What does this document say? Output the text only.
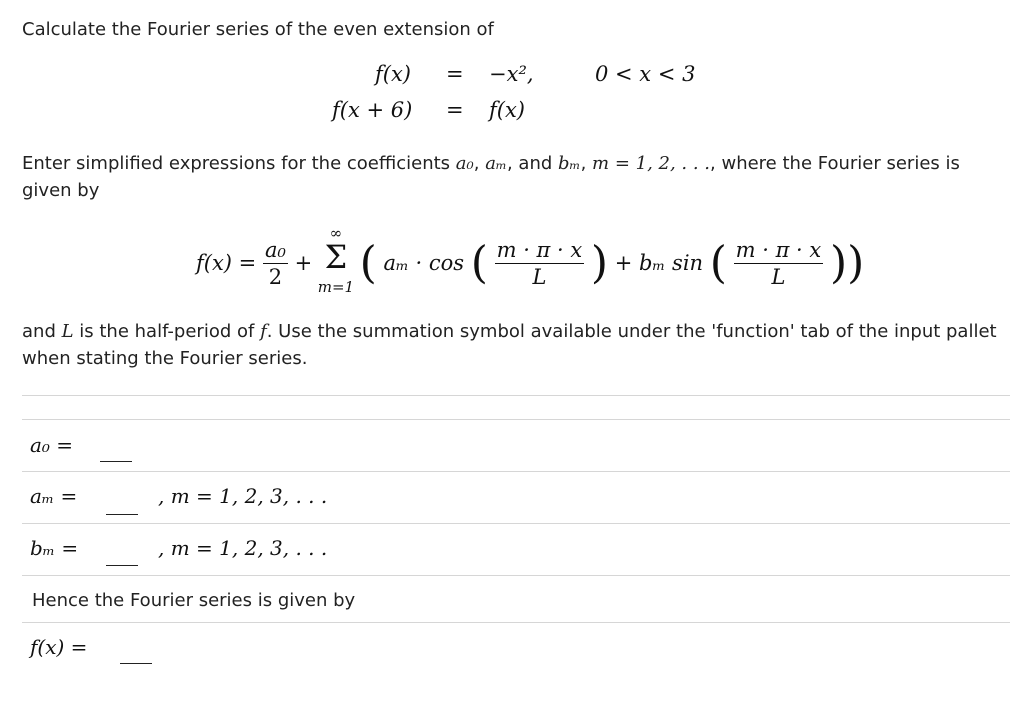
Calculate the Fourier series of the even extension of
f(x) = −x²,	0 < x < 3
f(x + 6) = f(x)
Enter simplified expressions for the coefficients a₀, aₘ, and bₘ, m = 1, 2, . . ., where the Fourier series is given by
$f(x) = \frac{\text{a₀}}{2}$ +
∞
Σ
m=1 ( aₘ · cos ( $\frac{m \cdot \pi \cdot x}{L}$ ) + bₘ sin ( $\frac{m \cdot \pi \cdot x}{L}$ ))
and L is the half-period of f. Use the summation symbol available under the 'function' tab of the input pallet when stating the Fourier series.
a₀ =
aₘ =	, m = 1, 2, 3, . . .
bₘ =	, m = 1, 2, 3, . . .
Hence the Fourier series is given by
f(x) =
